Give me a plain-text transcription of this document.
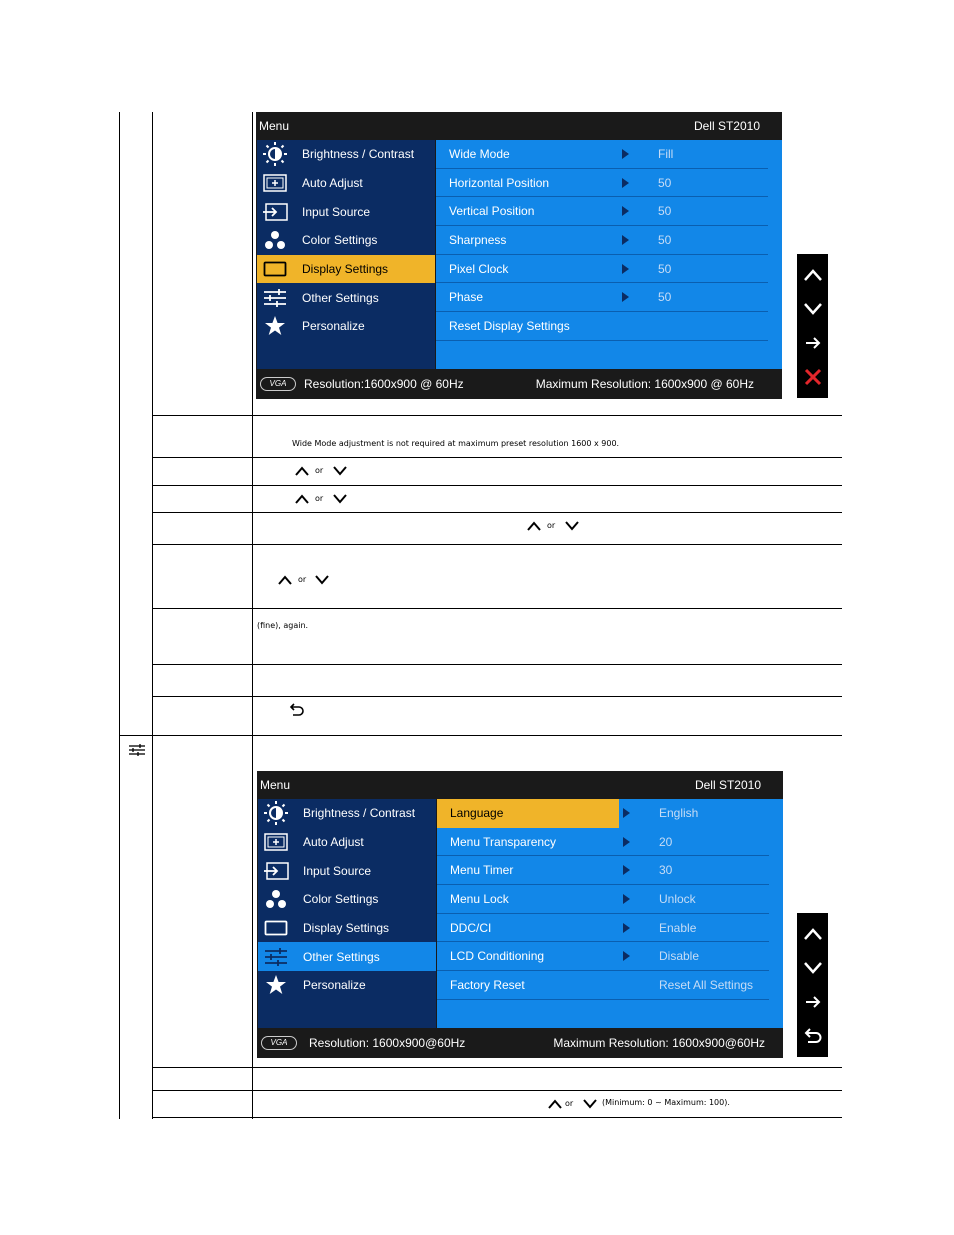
Menu	Dell ST2010
Brightness / Contrast
Auto Adjust
Input Source
Color Settings
Display Settings
Other Settings
Personalize
Wide Mode	Fill
Horizontal Position	50
Vertical Position	50
Sharpness	50
Pixel Clock	50
Phase	50
Reset Display Settings
VGA	Resolution:1600x900 @ 60Hz	Maximum Resolution: 1600x900 @ 60Hz
Wide Mode adjustment is not required at maximum preset resolution 1600 x 900.
or
or
or
or
(fine), again.
Menu	Dell ST2010
Brightness / Contrast
Auto Adjust
Input Source
Color Settings
Display Settings
Other Settings
Personalize
Language	English
Menu Transparency	20
Menu Timer	30
Menu Lock	Unlock
DDC/CI	Enable
LCD Conditioning	Disable
Factory Reset	Reset All Settings
VGA	Resolution: 1600x900@60Hz	Maximum Resolution: 1600x900@60Hz
or	(Minimum: 0 ~ Maximum: 100).
